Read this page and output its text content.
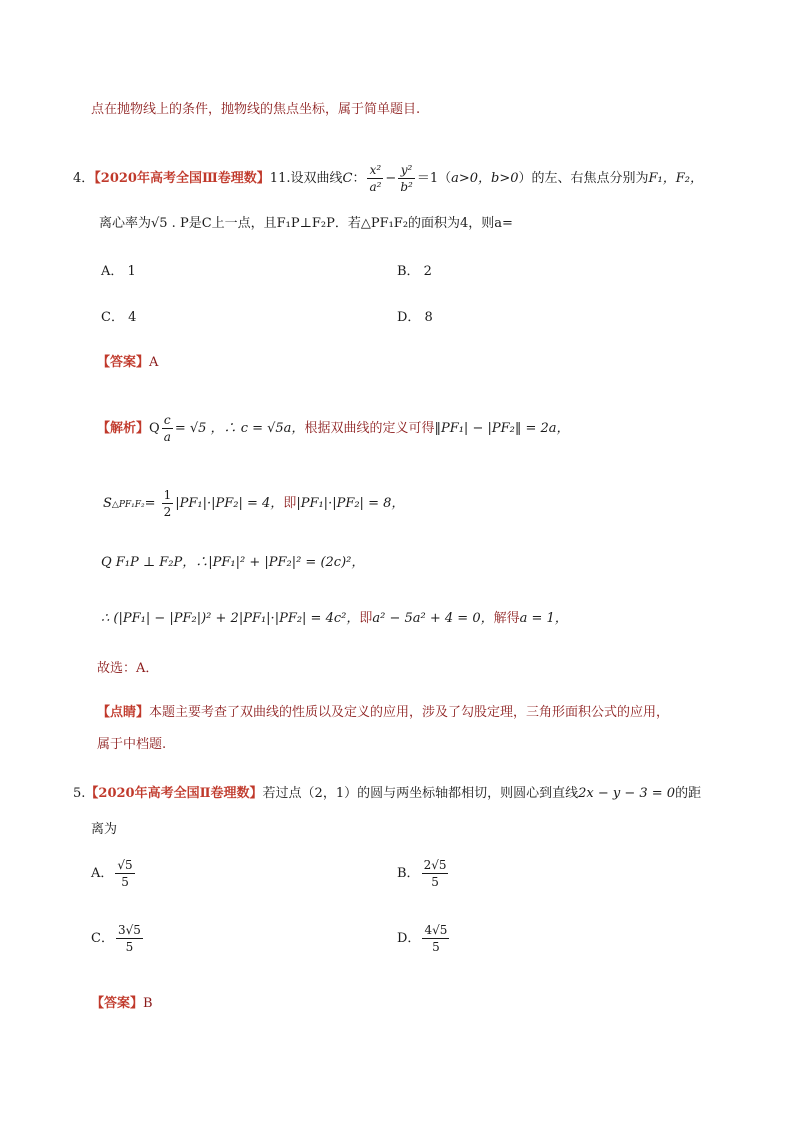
点在抛物线上的条件，抛物线的焦点坐标，属于简单题目.
4．【2020年高考全国Ⅲ卷理数】11.设双曲线C： $\frac{\text{x²}}{\text{a²}} - \frac{\text{y²}}{\text{b²}} =1(a>0$，b>0）的左、右焦点分别为F₁，F₂，
离心率为√5 . P是C上一点，且F₁P⊥F₂P．若△PF₁F₂的面积为4，则a=
A． 1	B． 2
C． 4	D． 8
【答案】A
【解析】Q $\frac{c}{a} = √5$ ，∴ c = √5a，根据双曲线的定义可得‖PF₁| − |PF₂‖ = 2a，
S△PF₁F₂= $\frac{1}{2} |PF_1|\cdot|PF_2| = 4$，即|PF₁|·|PF₂| = 8，
Q F₁P ⊥ F₂P，∴|PF₁|² + |PF₂|² = (2c)²，
∴ (|PF₁| − |PF₂|)² + 2|PF₁|·|PF₂| = 4c²，即a² − 5a² + 4 = 0，解得a = 1，
故选：A．
【点睛】本题主要考查了双曲线的性质以及定义的应用，涉及了勾股定理，三角形面积公式的应用，
属于中档题.
5.【2020年高考全国Ⅱ卷理数】若过点（2，1）的圆与两坐标轴都相切，则圆心到直线2x − y − 3 = 0的距
离为
A． $\frac{√5}{5}$	B． $\frac{2√5}{5}$
C． $\frac{3√5}{5}$	D． $\frac{4√5}{5}$
【答案】B
